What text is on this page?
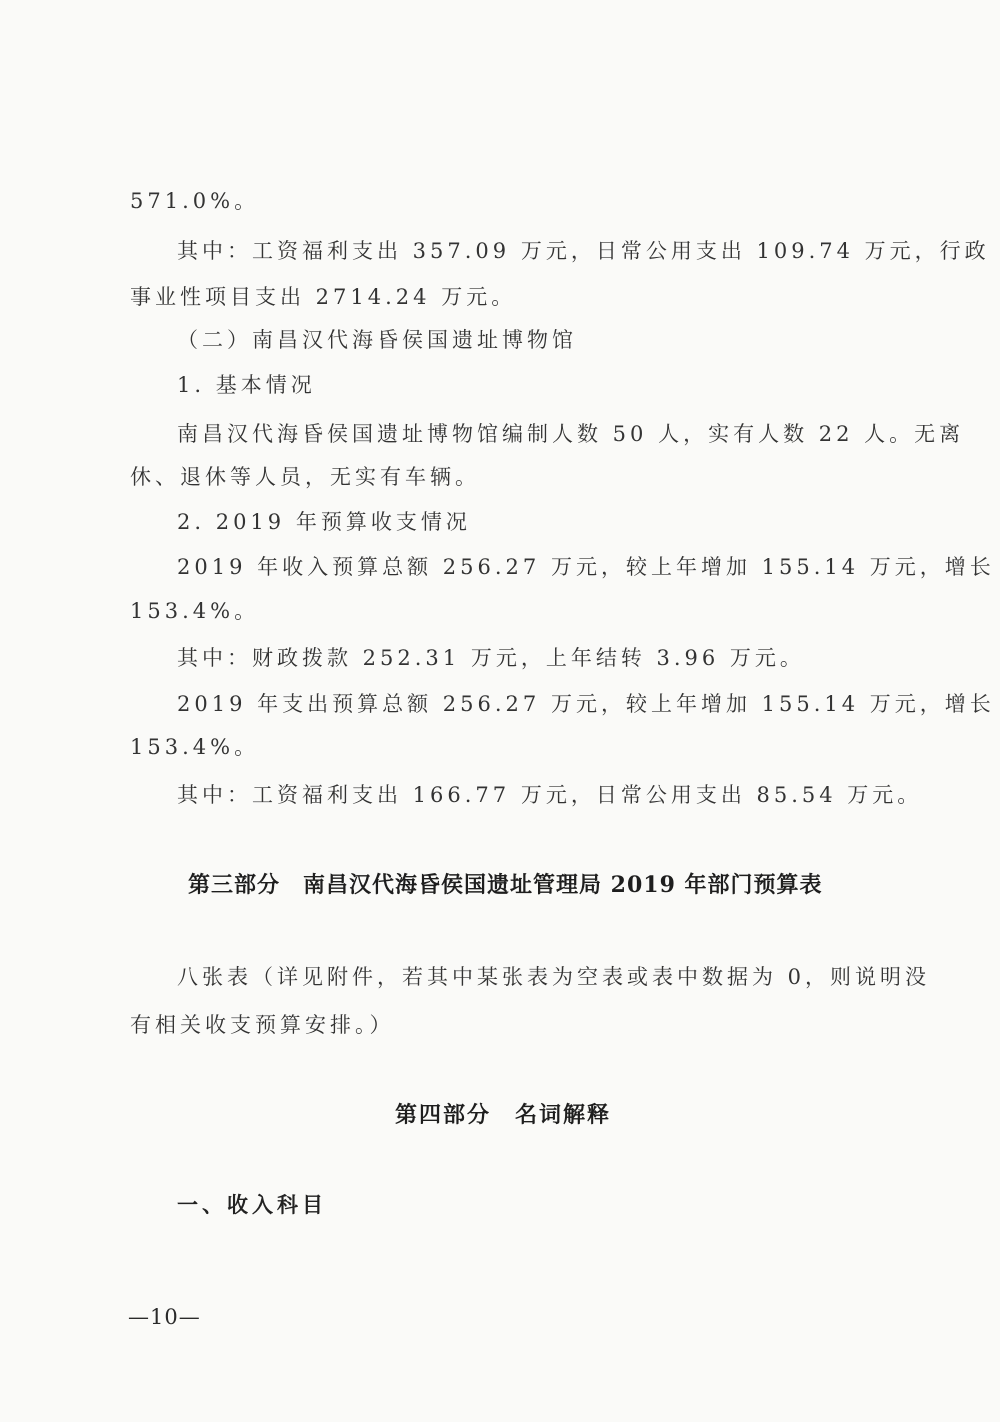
571.0%。
其中：工资福利支出 357.09 万元，日常公用支出 109.74 万元，行政
事业性项目支出 2714.24 万元。
（二）南昌汉代海昏侯国遗址博物馆
1. 基本情况
南昌汉代海昏侯国遗址博物馆编制人数 50 人，实有人数 22 人。无离
休、退休等人员，无实有车辆。
2. 2019 年预算收支情况
2019 年收入预算总额 256.27 万元，较上年增加 155.14 万元，增长
153.4%。
其中：财政拨款 252.31 万元，上年结转 3.96 万元。
2019 年支出预算总额 256.27 万元，较上年增加 155.14 万元，增长
153.4%。
其中：工资福利支出 166.77 万元，日常公用支出 85.54 万元。
第三部分　南昌汉代海昏侯国遗址管理局 2019 年部门预算表
八张表（详见附件，若其中某张表为空表或表中数据为 0，则说明没
有相关收支预算安排。）
第四部分　名词解释
一、收入科目
—10—
